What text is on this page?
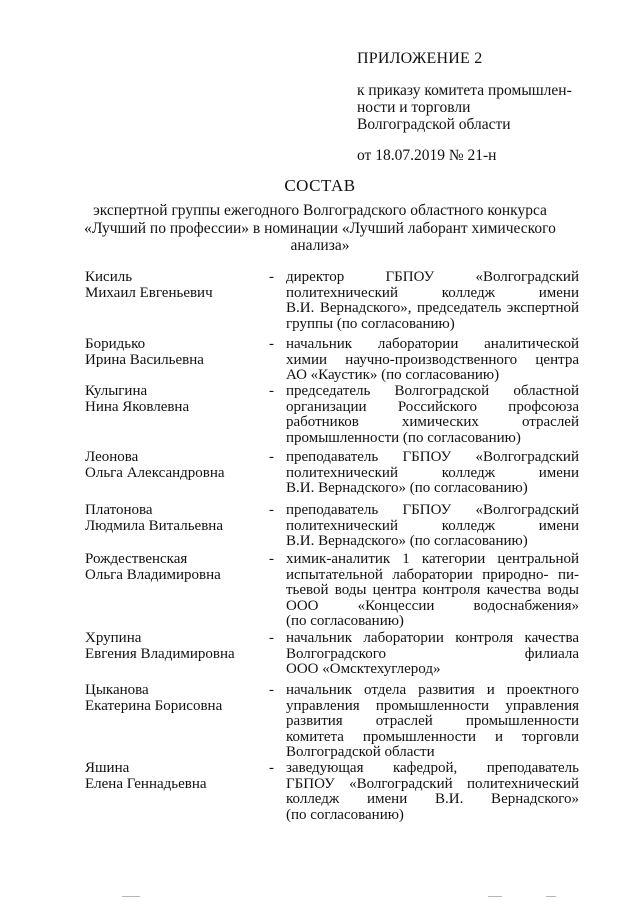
ПРИЛОЖЕНИЕ 2
к приказу комитета промышлен-
ности и торговли
Волгоградской области
от 18.07.2019 № 21-н
СОСТАВ
экспертной группы ежегодного Волгоградского областного конкурса
«Лучший по профессии» в номинации «Лучший лаборант химического
анализа»
Кисиль
Михаил Евгеньевич
- директор ГБПОУ «Волгоградский
политехнический колледж имени
В.И. Вернадского», председатель экспертной
группы (по согласованию)
Боридько
Ирина Васильевна
- начальник лаборатории аналитической
химии научно-производственного центра
АО «Каустик» (по согласованию)
Кулыгина
Нина Яковлевна
- председатель Волгоградской областной
организации Российского профсоюза
работников химических отраслей
промышленности (по согласованию)
Леонова
Ольга Александровна
- преподаватель ГБПОУ «Волгоградский
политехнический колледж имени
В.И. Вернадского» (по согласованию)
Платонова
Людмила Витальевна
- преподаватель ГБПОУ «Волгоградский
политехнический колледж имени
В.И. Вернадского» (по согласованию)
Рождественская
Ольга Владимировна
- химик-аналитик 1 категории центральной
испытательной лаборатории природно- пи-
тьевой воды центра контроля качества воды
ООО «Концессии водоснабжения»
(по согласованию)
Хрупина
Евгения Владимировна
- начальник лаборатории контроля качества
Волгоградского филиала
ООО «Омсктехуглерод»
Цыканова
Екатерина Борисовна
- начальник отдела развития и проектного
управления промышленности управления
развития отраслей промышленности
комитета промышленности и торговли
Волгоградской области
Яшина
Елена Геннадьевна
- заведующая кафедрой, преподаватель
ГБПОУ «Волгоградский политехнический
колледж имени В.И. Вернадского»
(по согласованию)
